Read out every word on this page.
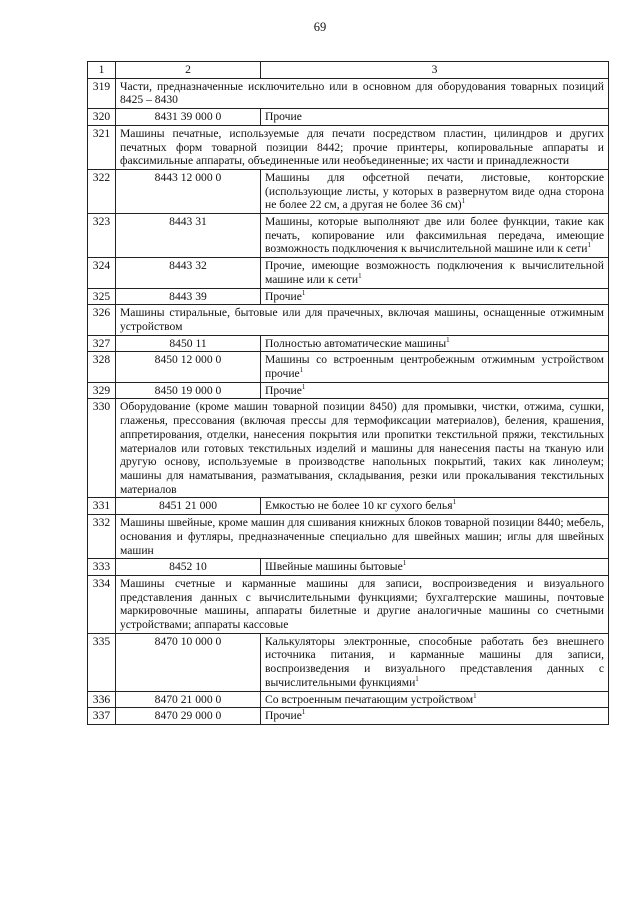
69
1	2	3
319	Части, предназначенные исключительно или в основном для оборудования товарных позиций 8425 – 8430	
320	8431 39 000 0	Прочие
321	Машины печатные, используемые для печати посредством пластин, цилиндров и других печатных форм товарной позиции 8442; прочие принтеры, копировальные аппараты и факсимильные аппараты, объединенные или необъединенные; их части и принадлежности	
322	8443 12 000 0	Машины для офсетной печати, листовые, конторские (использующие листы, у которых в развернутом виде одна сторона не более 22 см, а другая не более 36 см)$^1$
323	8443 31	Машины, которые выполняют две или более функции, такие как печать, копирование или факсимильная передача, имеющие возможность подключения к вычислительной машине или к сети$^1$
324	8443 32	Прочие, имеющие возможность подключения к вычислительной машине или к сети$^1$
325	8443 39	Прочие$^1$
326	Машины стиральные, бытовые или для прачечных, включая машины, оснащенные отжимным устройством	
327	8450 11	Полностью автоматические машины$^1$
328	8450 12 000 0	Машины со встроенным центробежным отжимным устройством прочие$^1$
329	8450 19 000 0	Прочие$^1$
330	Оборудование (кроме машин товарной позиции 8450) для промывки, чистки, отжима, сушки, глаженья, прессования (включая прессы для термофиксации материалов), беления, крашения, аппретирования, отделки, нанесения покрытия или пропитки текстильной пряжи, текстильных материалов или готовых текстильных изделий и машины для нанесения пасты на тканую или другую основу, используемые в производстве напольных покрытий, таких как линолеум; машины для наматывания, разматывания, складывания, резки или прокалывания текстильных материалов	
331	8451 21 000	Емкостью не более 10 кг сухого белья$^1$
332	Машины швейные, кроме машин для сшивания книжных блоков товарной позиции 8440; мебель, основания и футляры, предназначенные специально для швейных машин; иглы для швейных машин	
333	8452 10	Швейные машины бытовые$^1$
334	Машины счетные и карманные машины для записи, воспроизведения и визуального представления данных с вычислительными функциями; бухгалтерские машины, почтовые маркировочные машины, аппараты билетные и другие аналогичные машины со счетными устройствами; аппараты кассовые	
335	8470 10 000 0	Калькуляторы электронные, способные работать без внешнего источника питания, и карманные машины для записи, воспроизведения и визуального представления данных с вычислительными функциями$^1$
336	8470 21 000 0	Со встроенным печатающим устройством$^1$
337	8470 29 000 0	Прочие$^1$
